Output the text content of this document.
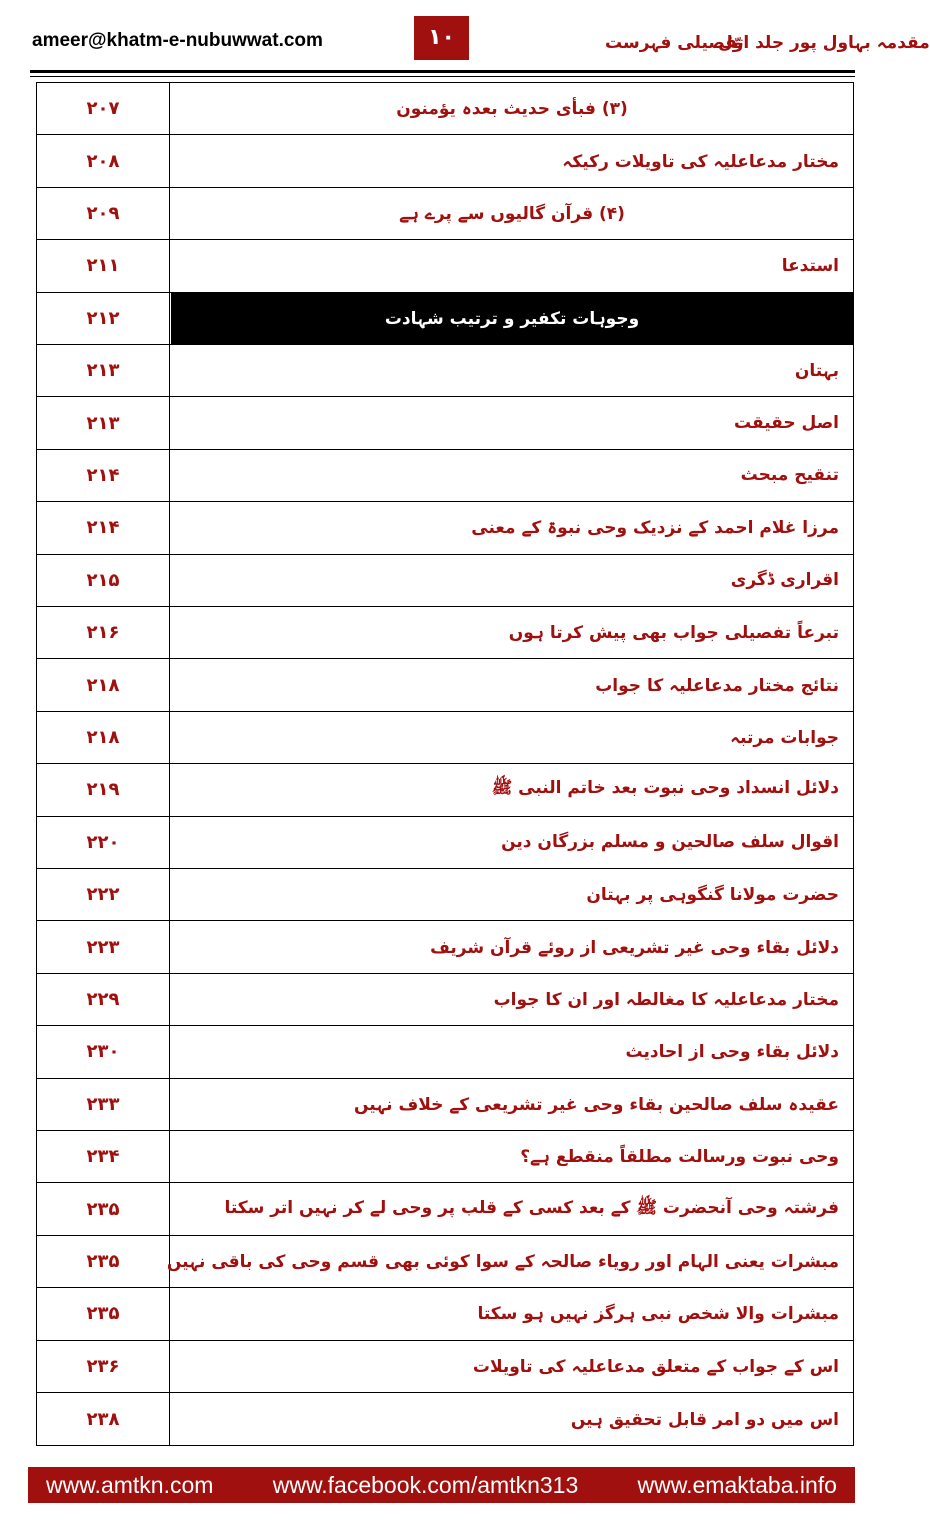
ameer@khatm-e-nubuwwat.com	۱۰	تفصیلی فہرست
مقدمہ بہاول پور جلد اوّل
۲۰۷	(۳) فبأی حدیث بعدہ یؤمنون
۲۰۸	مختار مدعاعلیہ کی تاویلات رکیکہ
۲۰۹	(۴) قرآن گالیوں سے پرے ہے
۲۱۱	استدعا
۲۱۲	وجوہات تکفیر و ترتیب شہادت
۲۱۳	بہتان
۲۱۳	اصل حقیقت
۲۱۴	تنقیح مبحث
۲۱۴	مرزا غلام احمد کے نزدیک وحی نبوۃ کے معنی
۲۱۵	اقراری ڈگری
۲۱۶	تبرعاً تفصیلی جواب بھی پیش کرتا ہوں
۲۱۸	نتائج مختار مدعاعلیہ کا جواب
۲۱۸	جوابات مرتبہ
۲۱۹	دلائل انسداد وحی نبوت بعد خاتم النبی ﷺ
۲۲۰	اقوال سلف صالحین و مسلم بزرگان دین
۲۲۲	حضرت مولانا گنگوہی پر بہتان
۲۲۳	دلائل بقاء وحی غیر تشریعی از روئے قرآن شریف
۲۲۹	مختار مدعاعلیہ کا مغالطہ اور ان کا جواب
۲۳۰	دلائل بقاء وحی از احادیث
۲۳۳	عقیدہ سلف صالحین بقاء وحی غیر تشریعی کے خلاف نہیں
۲۳۴	وحی نبوت ورسالت مطلقاً منقطع ہے؟
۲۳۵	فرشتہ وحی آنحضرت ﷺ کے بعد کسی کے قلب پر وحی لے کر نہیں اتر سکتا
۲۳۵	مبشرات یعنی الہام اور رویاء صالحہ کے سوا کوئی بھی قسم وحی کی باقی نہیں
۲۳۵	مبشرات والا شخص نبی ہرگز نہیں ہو سکتا
۲۳۶	اس کے جواب کے متعلق مدعاعلیہ کی تاویلات
۲۳۸	اس میں دو امر قابل تحقیق ہیں
www.amtkn.com	www.facebook.com/amtkn313	www.emaktaba.info
